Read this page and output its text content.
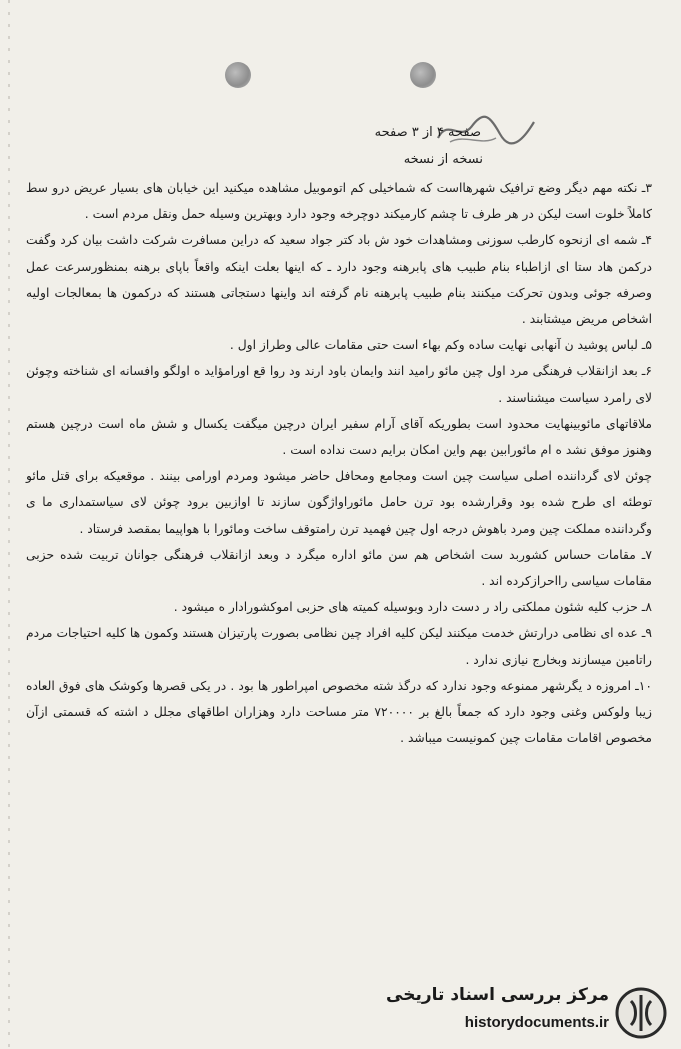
صفحه ۴ از ۳ صفحه
نسخه از نسخه

۳ـ نکته مهم دیگر وضع ترافیک شهرهااست که شماخیلی کم اتوموبیل مشاهده میکنید این خیابان های بسیار عریض درو سط کاملاً خلوت است لیکن در هر طرف تا چشم کارمیکند دوچرخه وجود دارد وبهترین وسیله حمل ونقل مردم است .

۴ـ شمه ای ازنحوه کارطب سوزنی ومشاهدات خود ش باد کتر جواد سعید که دراین مسافرت شرکت داشت بیان کرد وگفت درکمن هاد ستا ای ازاطباء بنام طبیب های پابرهنه وجود دارد ـ که اینها بعلت اینکه واقعاً باپای برهنه بمنظورسرعت عمل وصرفه جوئی وبدون تحرکت میکنند بنام طبیب پابرهنه نام گرفته اند واینها دستجاتی هستند که درکمون ها بمعالجات اولیه اشخاص مریض میشتابند .

۵ـ لباس پوشید ن آنهابی نهایت ساده وکم بهاء است حتی مقامات عالی وطراز اول .

۶ـ بعد ازانقلاب فرهنگی مرد اول چین مائو رامید انند وایمان باود ارند ود روا قع اورامؤاید ه اولگو وافسانه ای شناخته وچوئن لای رامرد سیاست میشناسند .

ملاقاتهای مائوبینهایت محدود است بطوریکه آقای آرام سفیر ایران درچین میگفت یکسال و شش ماه است درچین هستم وهنوز موفق نشد ه ام مائورابین بهم واین امکان برایم دست نداده است .

چوئن لای گرداننده اصلی سیاست چین است ومجامع ومحافل حاضر میشود ومردم اورامی بینند . موقعیکه برای قتل مائو توطئه ای طرح شده بود وقرارشده بود ترن حامل مائوراواژگون سازند تا اوازبین برود چوئن لای سیاستمداری ما ی وگرداننده مملکت چین ومرد باهوش درجه اول چین فهمید ترن رامتوقف ساخت ومائورا با هواپیما بمقصد فرستاد .

۷ـ مقامات حساس کشوربد ست اشخاص هم سن مائو اداره میگرد د وبعد ازانقلاب فرهنگی جوانان تربیت شده حزبی مقامات سیاسی رااحرازکرده اند .

۸ـ حزب کلیه شئون مملکتی راد ر دست دارد وبوسیله کمیته های حزبی اموکشورادار ه میشود .

۹ـ عده ای نظامی درارتش خدمت میکنند لیکن کلیه افراد چین نظامی بصورت پارتیزان هستند وکمون ها کلیه احتیاجات مردم راتامین میسازند وبخارج نیازی ندارد .

۱۰ـ امروزه د یگرشهر ممنوعه وجود ندارد که درگذ شته مخصوص امپراطور ها بود . در یکی قصرها وکوشک های فوق العاده زیبا ولوکس وغنی وجود دارد که جمعاً بالغ بر ۷۲۰۰۰۰ متر مساحت دارد وهزاران اطاقهای مجلل د اشته که قسمتی ازآن مخصوص اقامات مقامات چین کمونیست میباشد .

مرکز بررسی اسناد تاریخی
historydocuments.ir
